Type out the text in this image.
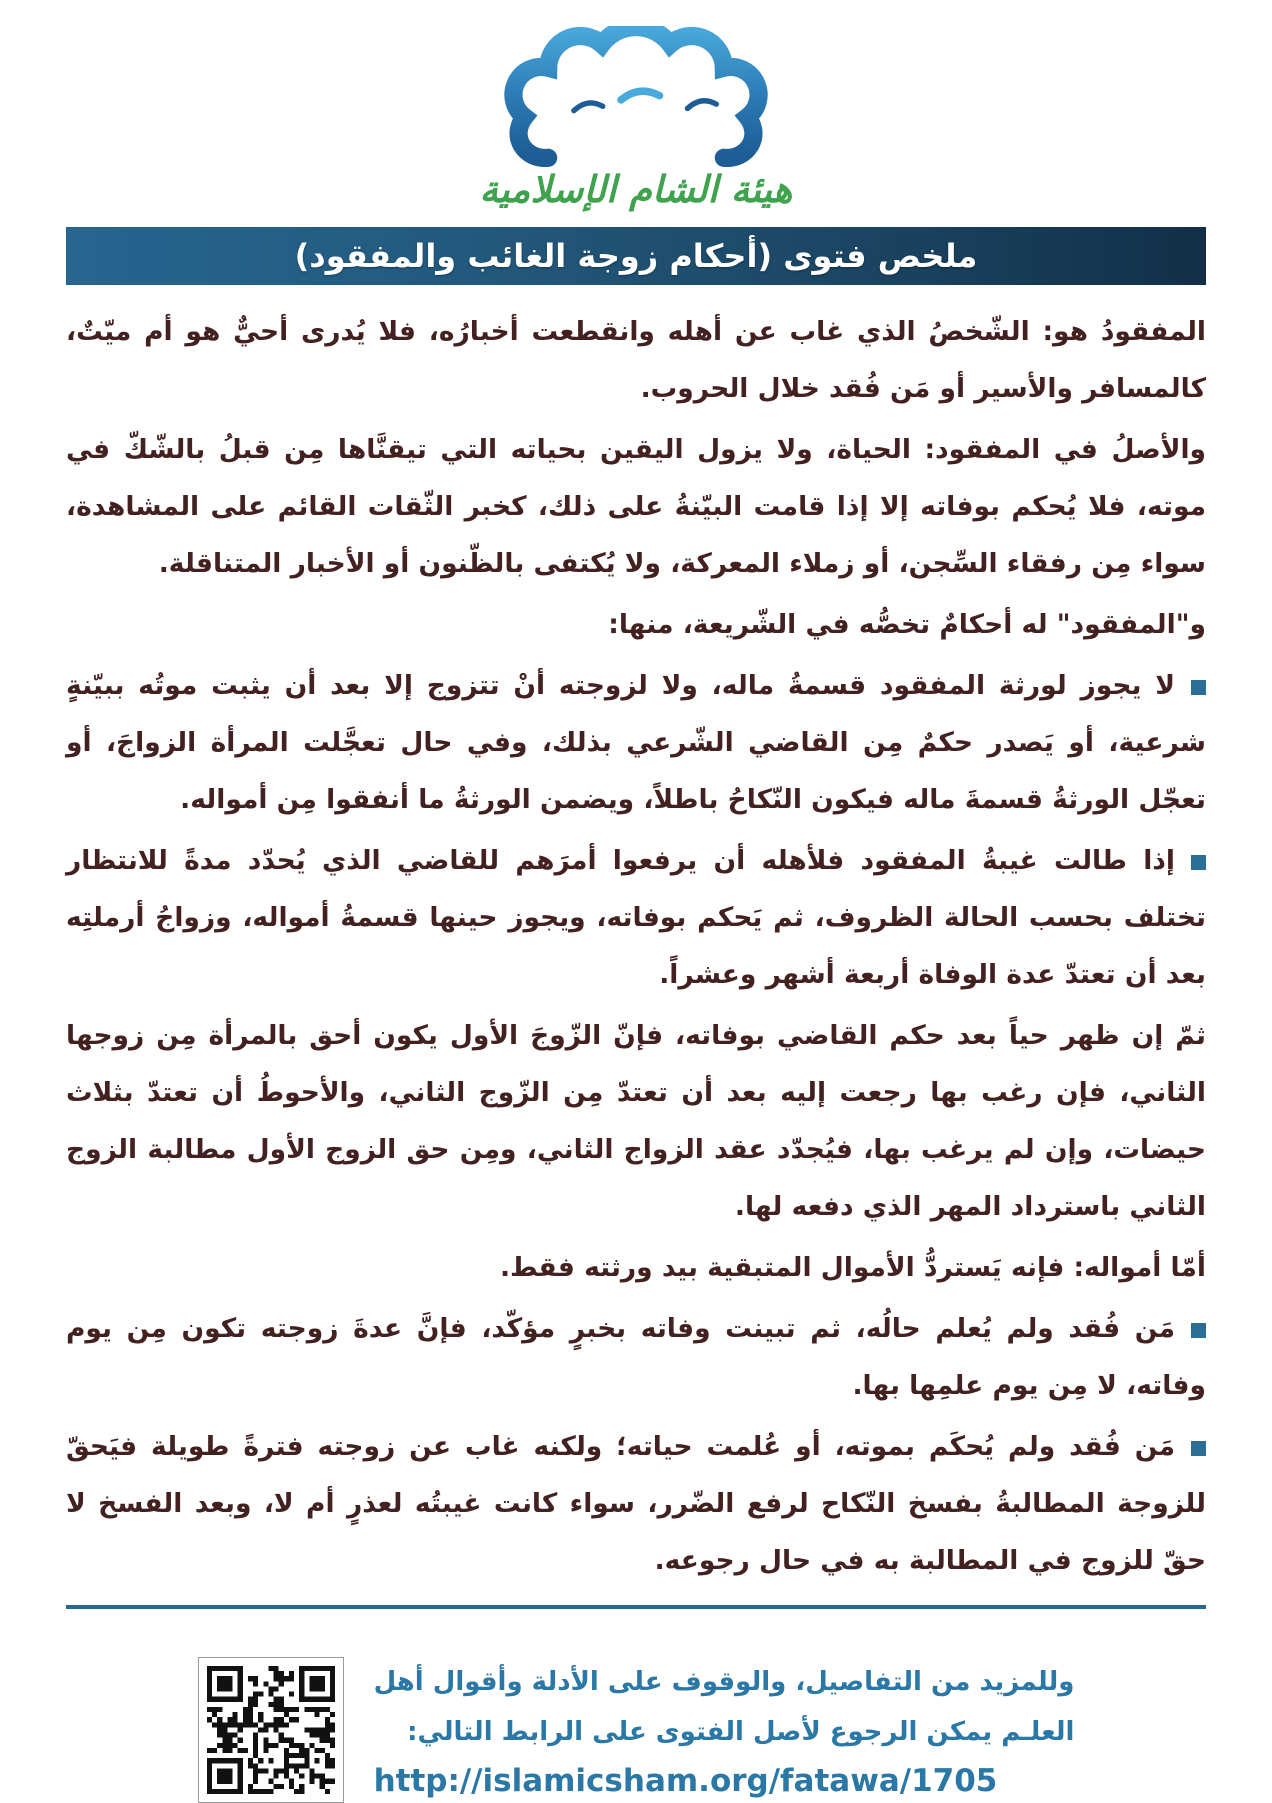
هيئة الشام الإسلامية
ملخص فتوى (أحكام زوجة الغائب والمفقود)

المفقودُ هو: الشّخصُ الذي غاب عن أهله وانقطعت أخبارُه، فلا يُدرى أحيٌّ هو أم ميّتٌ، كالمسافر والأسير أو مَن فُقد خلال الحروب.

والأصلُ في المفقود: الحياة، ولا يزول اليقين بحياته التي تيقنَّاها مِن قبلُ بالشّكّ في موته، فلا يُحكم بوفاته إلا إذا قامت البيّنةُ على ذلك، كخبر الثّقات القائم على المشاهدة، سواء مِن رفقاء السِّجن، أو زملاء المعركة، ولا يُكتفى بالظّنون أو الأخبار المتناقلة.

و"المفقود" له أحكامٌ تخصُّه في الشّريعة، منها:

لا يجوز لورثة المفقود قسمةُ ماله، ولا لزوجته أنْ تتزوج إلا بعد أن يثبت موتُه ببيّنةٍ شرعية، أو يَصدر حكمٌ مِن القاضي الشّرعي بذلك، وفي حال تعجَّلت المرأة الزواجَ، أو تعجّل الورثةُ قسمةَ ماله فيكون النّكاحُ باطلاً، ويضمن الورثةُ ما أنفقوا مِن أمواله.

إذا طالت غيبةُ المفقود فلأهله أن يرفعوا أمرَهم للقاضي الذي يُحدّد مدةً للانتظار تختلف بحسب الحالة الظروف، ثم يَحكم بوفاته، ويجوز حينها قسمةُ أمواله، وزواجُ أرملتِه بعد أن تعتدّ عدة الوفاة أربعة أشهر وعشراً.

ثمّ إن ظهر حياً بعد حكم القاضي بوفاته، فإنّ الزّوجَ الأول يكون أحق بالمرأة مِن زوجها الثاني، فإن رغب بها رجعت إليه بعد أن تعتدّ مِن الزّوج الثاني، والأحوطُ أن تعتدّ بثلاث حيضات، وإن لم يرغب بها، فيُجدّد عقد الزواج الثاني، ومِن حق الزوج الأول مطالبة الزوج الثاني باسترداد المهر الذي دفعه لها.

أمّا أمواله: فإنه يَستردُّ الأموال المتبقية بيد ورثته فقط.

مَن فُقد ولم يُعلم حالُه، ثم تبينت وفاته بخبرٍ مؤكّد، فإنَّ عدةَ زوجته تكون مِن يوم وفاته، لا مِن يوم علمِها بها.

مَن فُقد ولم يُحكَم بموته، أو عُلمت حياته؛ ولكنه غاب عن زوجته فترةً طويلة فيَحقّ للزوجة المطالبةُ بفسخ النّكاح لرفع الضّرر، سواء كانت غيبتُه لعذرٍ أم لا، وبعد الفسخ لا حقّ للزوج في المطالبة به في حال رجوعه.

وللمزيد من التفاصيل، والوقوف على الأدلة وأقوال أهل
العلـم يمكن الرجوع لأصل الفتوى على الرابط التالي:
http://islamicsham.org/fatawa/1705
